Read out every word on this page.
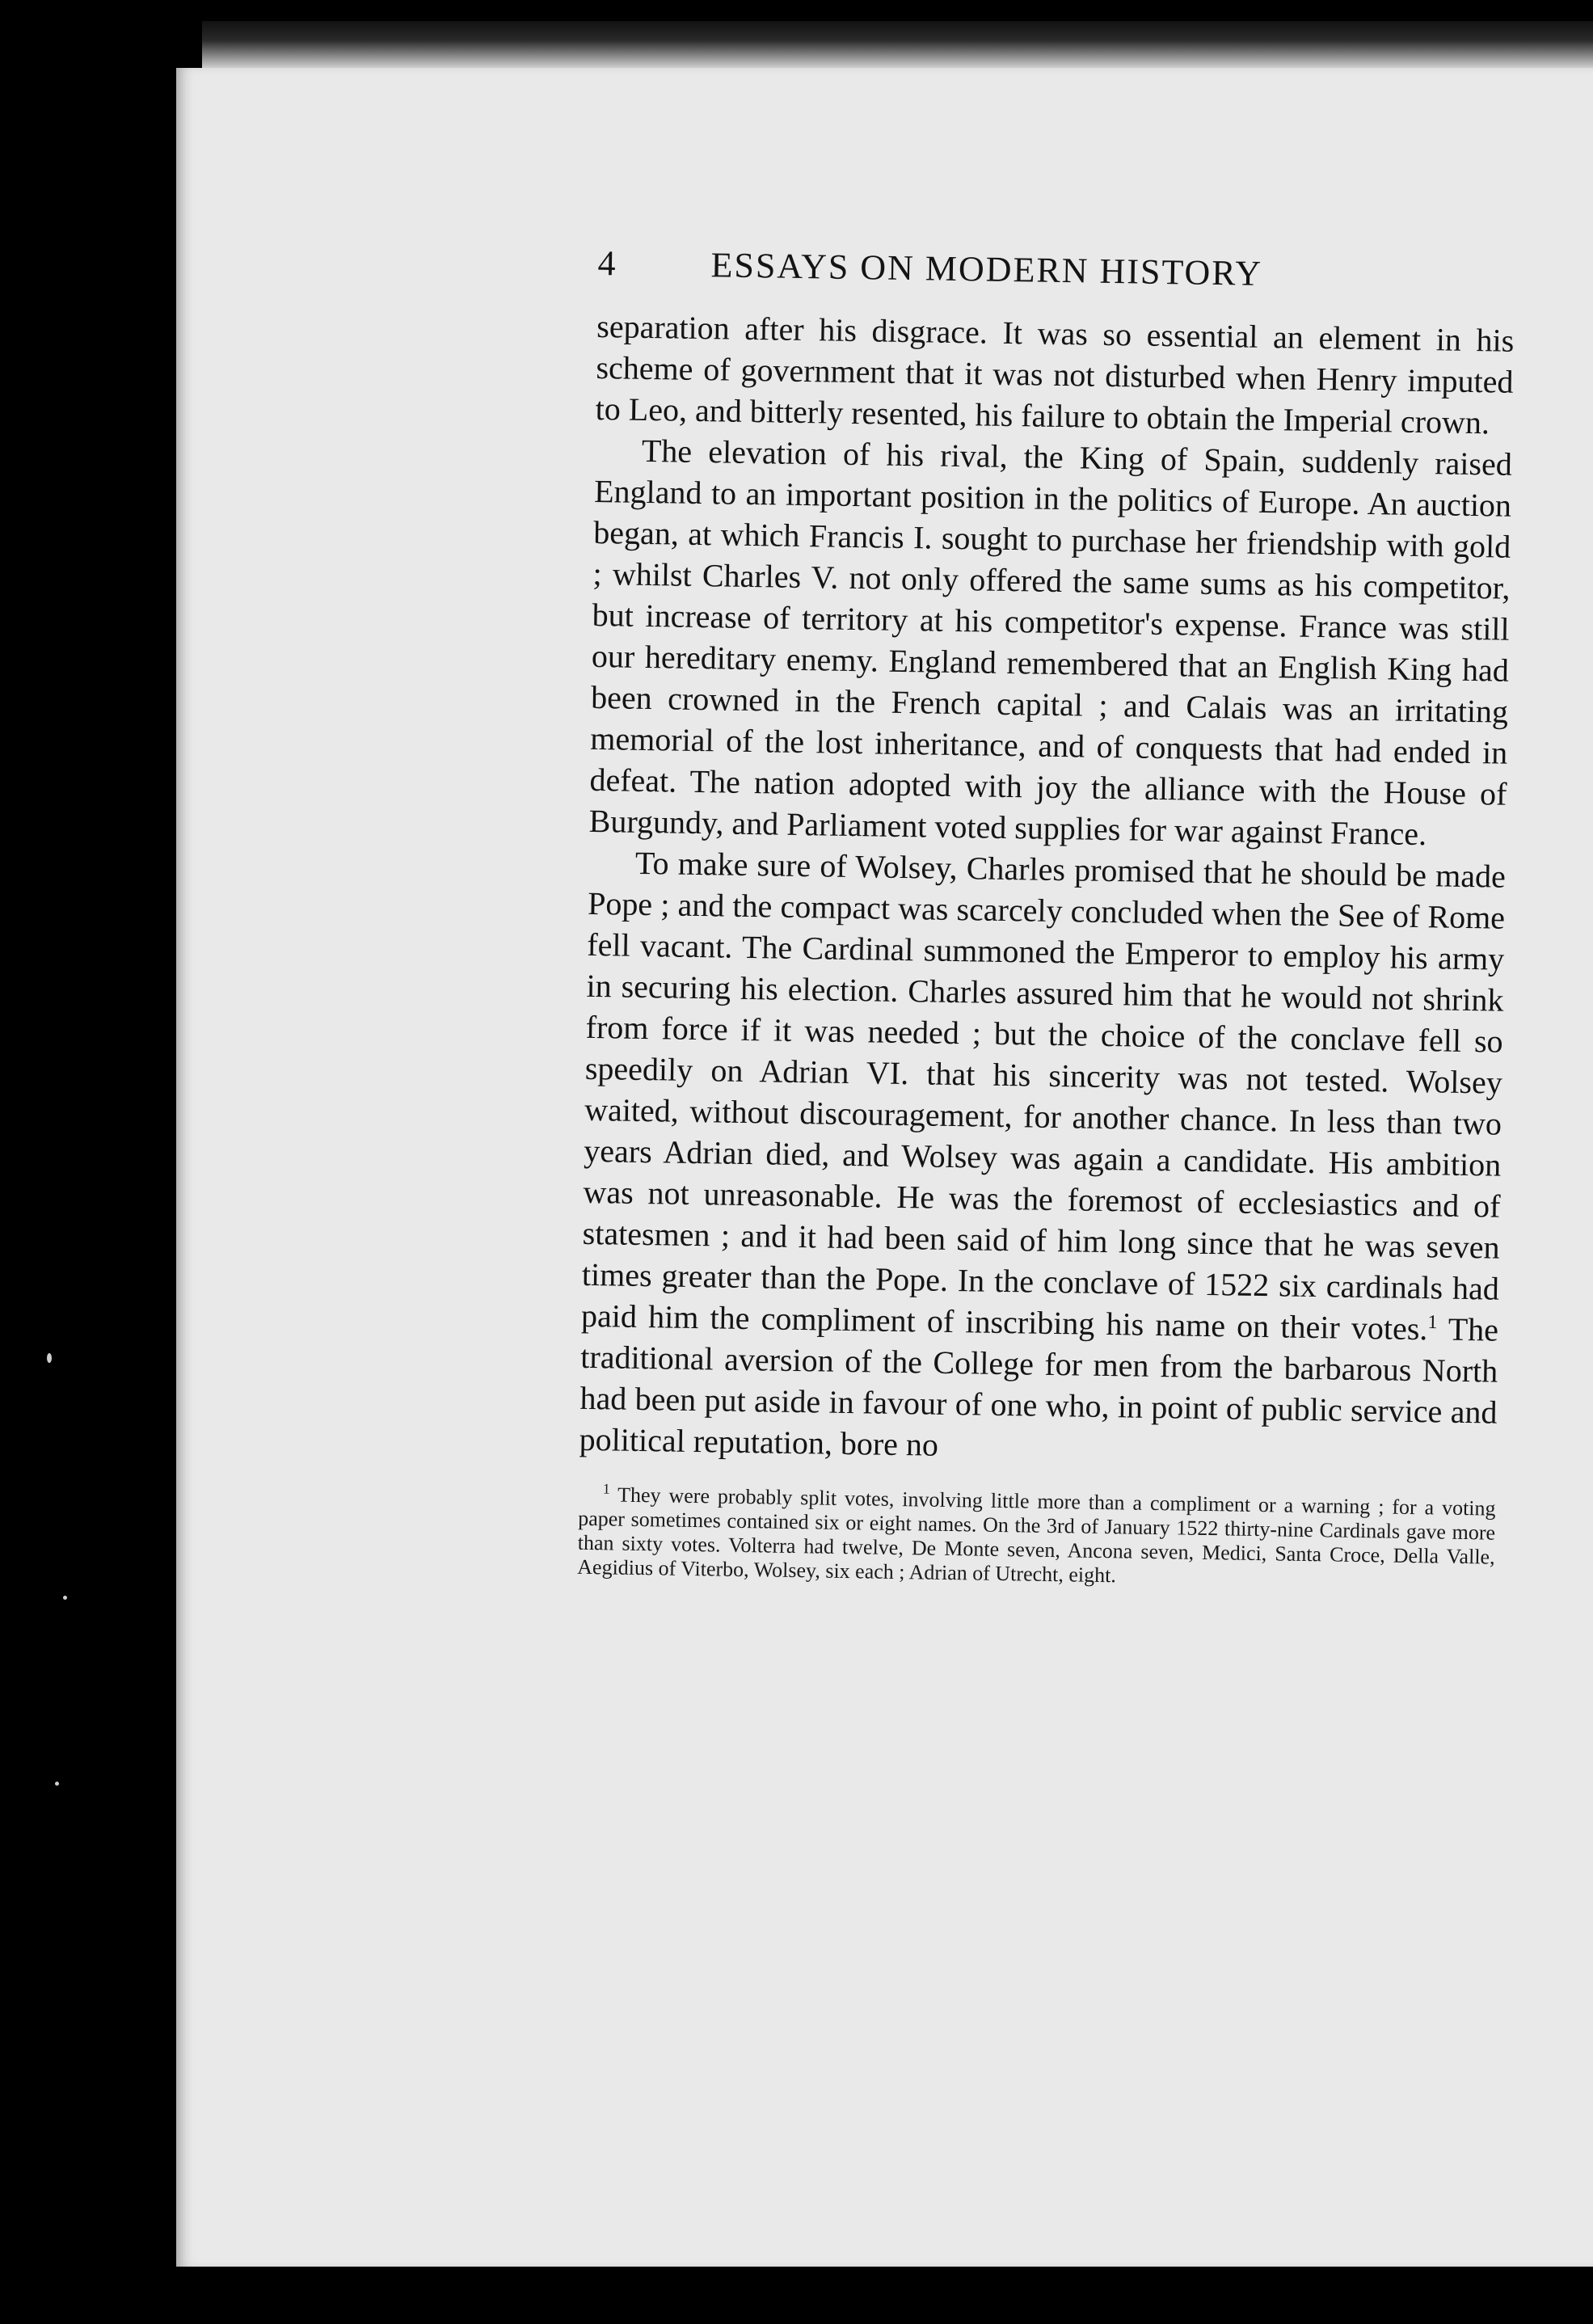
4	ESSAYS ON MODERN HISTORY

separation after his disgrace. It was so essential an element in his scheme of government that it was not disturbed when Henry imputed to Leo, and bitterly resented, his failure to obtain the Imperial crown.

The elevation of his rival, the King of Spain, suddenly raised England to an important position in the politics of Europe. An auction began, at which Francis I. sought to purchase her friendship with gold ; whilst Charles V. not only offered the same sums as his competitor, but increase of territory at his competitor's expense. France was still our hereditary enemy. England remembered that an English King had been crowned in the French capital ; and Calais was an irritating memorial of the lost inheritance, and of conquests that had ended in defeat. The nation adopted with joy the alliance with the House of Burgundy, and Parliament voted supplies for war against France.

To make sure of Wolsey, Charles promised that he should be made Pope ; and the compact was scarcely concluded when the See of Rome fell vacant. The Cardinal summoned the Emperor to employ his army in securing his election. Charles assured him that he would not shrink from force if it was needed ; but the choice of the conclave fell so speedily on Adrian VI. that his sincerity was not tested. Wolsey waited, without discouragement, for another chance. In less than two years Adrian died, and Wolsey was again a candidate. His ambition was not unreasonable. He was the foremost of ecclesiastics and of statesmen ; and it had been said of him long since that he was seven times greater than the Pope. In the conclave of 1522 six cardinals had paid him the compliment of inscribing his name on their votes.$^1$ The traditional aversion of the College for men from the barbarous North had been put aside in favour of one who, in point of public service and political reputation, bore no

$^1$ They were probably split votes, involving little more than a compliment or a warning ; for a voting paper sometimes contained six or eight names. On the 3rd of January 1522 thirty-nine Cardinals gave more than sixty votes. Volterra had twelve, De Monte seven, Ancona seven, Medici, Santa Croce, Della Valle, Aegidius of Viterbo, Wolsey, six each ; Adrian of Utrecht, eight.
